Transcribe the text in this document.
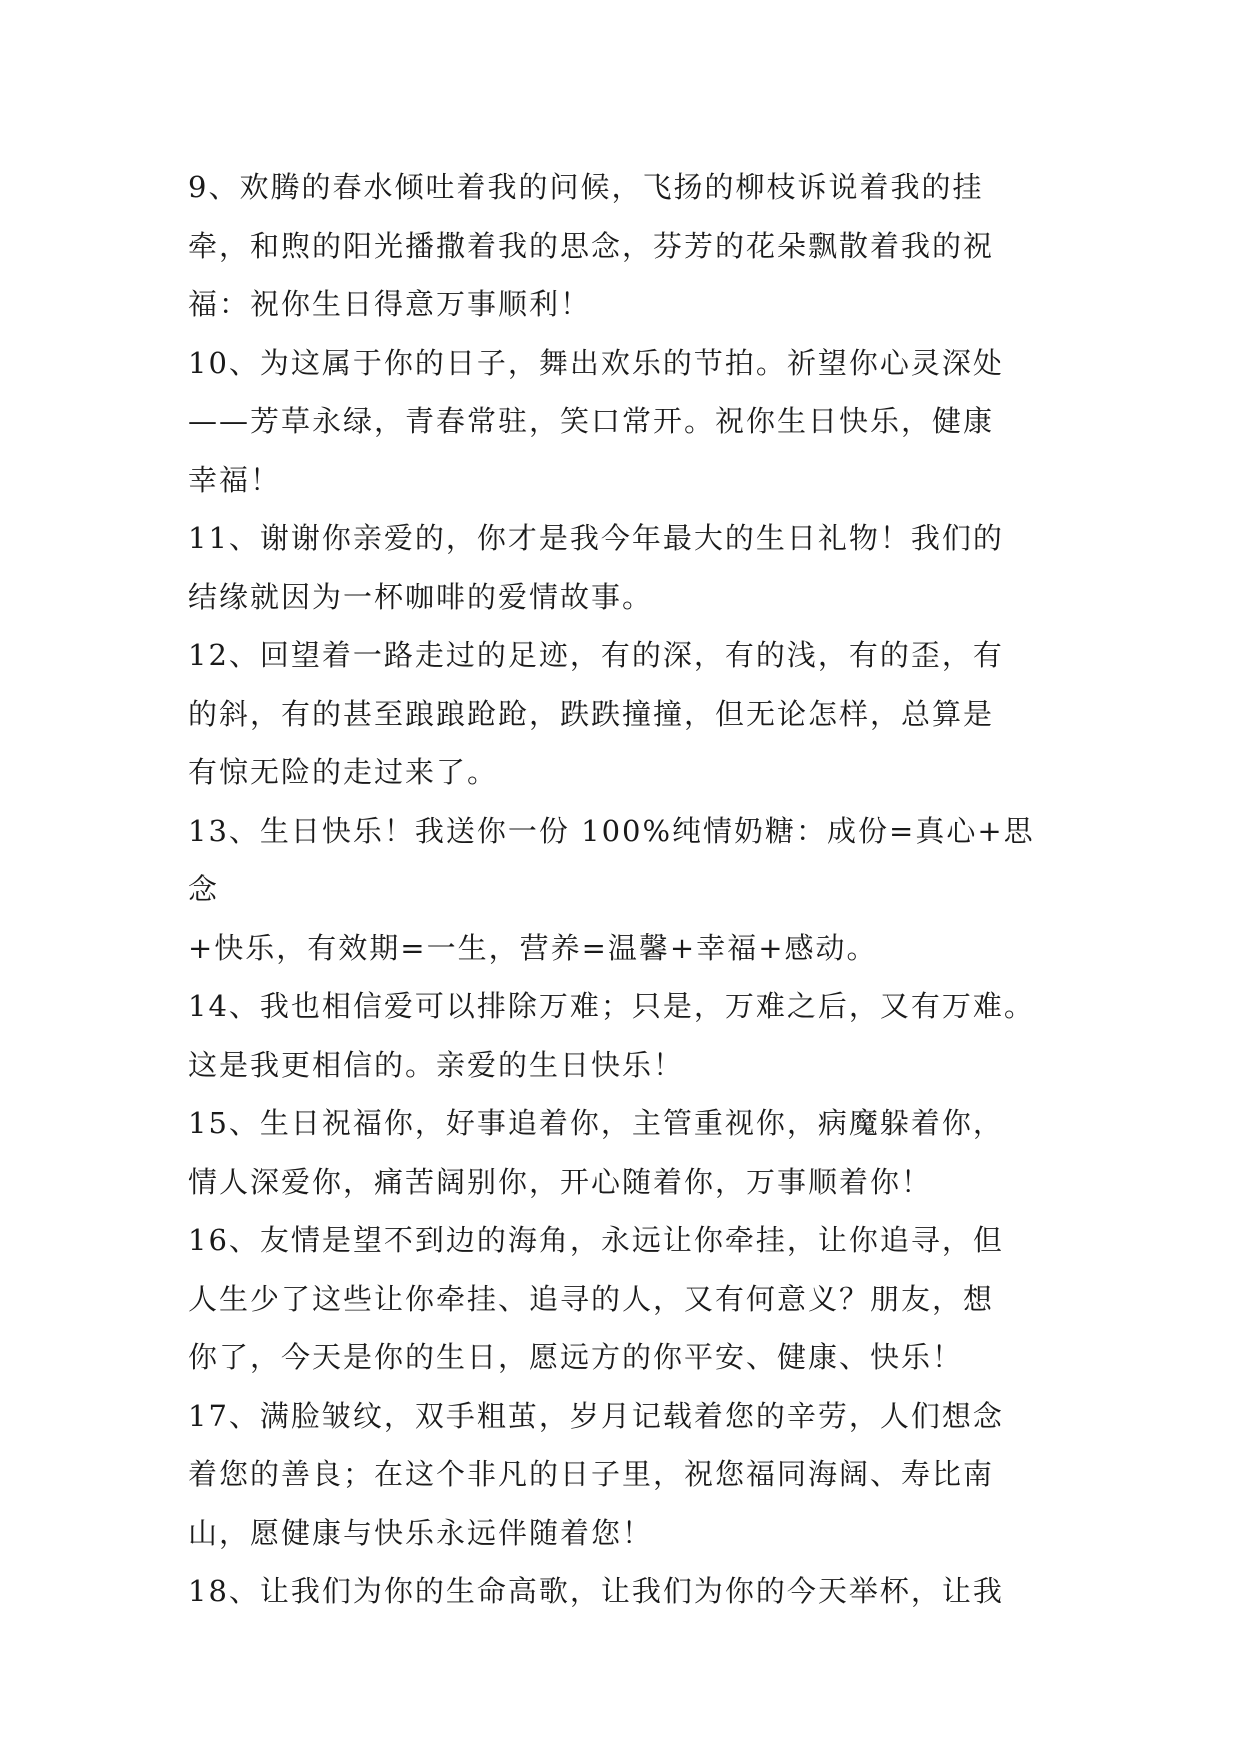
9、欢腾的春水倾吐着我的问候，飞扬的柳枝诉说着我的挂
牵，和煦的阳光播撒着我的思念，芬芳的花朵飘散着我的祝
福：祝你生日得意万事顺利！

10、为这属于你的日子，舞出欢乐的节拍。祈望你心灵深处
——芳草永绿，青春常驻，笑口常开。祝你生日快乐，健康
幸福！

11、谢谢你亲爱的，你才是我今年最大的生日礼物！我们的
结缘就因为一杯咖啡的爱情故事。

12、回望着一路走过的足迹，有的深，有的浅，有的歪，有
的斜，有的甚至踉踉跄跄，跌跌撞撞，但无论怎样，总算是
有惊无险的走过来了。

13、生日快乐！我送你一份 100%纯情奶糖：成份=真心+思念
+快乐，有效期=一生，营养=温馨+幸福+感动。

14、我也相信爱可以排除万难；只是，万难之后，又有万难。
这是我更相信的。亲爱的生日快乐！

15、生日祝福你，好事追着你，主管重视你，病魔躲着你，
情人深爱你，痛苦阔别你，开心随着你，万事顺着你！

16、友情是望不到边的海角，永远让你牵挂，让你追寻，但
人生少了这些让你牵挂、追寻的人，又有何意义？朋友，想
你了，今天是你的生日，愿远方的你平安、健康、快乐！

17、满脸皱纹，双手粗茧，岁月记载着您的辛劳，人们想念
着您的善良；在这个非凡的日子里，祝您福同海阔、寿比南
山，愿健康与快乐永远伴随着您！

18、让我们为你的生命高歌，让我们为你的今天举杯，让我
